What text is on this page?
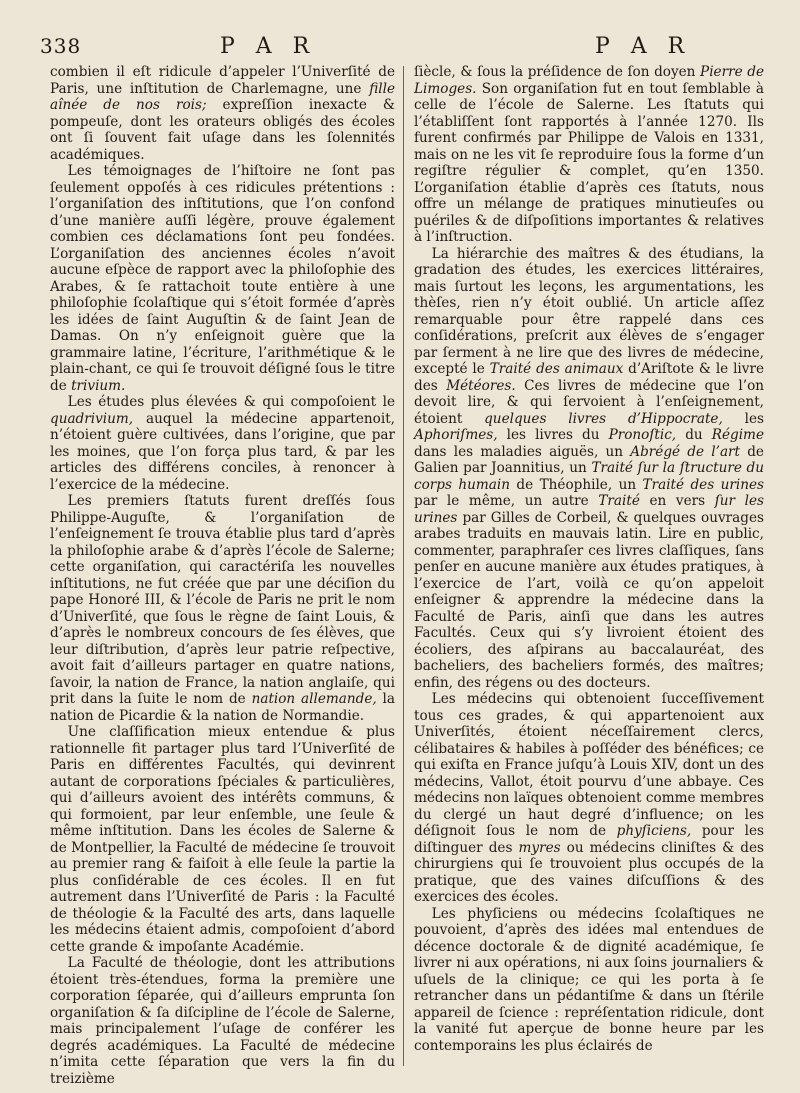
338	P A R	P A R

combien il eſt ridicule d’appeler l’Univerſité de Paris, une inſtitution de Charlemagne, une fille aînée de nos rois; expreſſion inexacte & pompeuſe, dont les orateurs obligés des écoles ont ſi ſouvent fait uſage dans les ſolennités académiques.

Les témoignages de l’hiſtoire ne ſont pas ſeulement oppoſés à ces ridicules prétentions : l’organiſation des inſtitutions, que l’on confond d’une manière auſſi légère, prouve également combien ces déclamations ſont peu fondées. L’organiſation des anciennes écoles n’avoit aucune eſpèce de rapport avec la philoſophie des Arabes, & ſe rattachoit toute entière à une philoſophie ſcolaſtique qui s’étoit formée d’après les idées de ſaint Auguſtin & de ſaint Jean de Damas. On n’y enſeignoit guère que la grammaire latine, l’écriture, l’arithmétique & le plain-chant, ce qui ſe trouvoit déſigné ſous le titre de trivium.

Les études plus élevées & qui compoſoient le quadrivium, auquel la médecine appartenoit, n’étoient guère cultivées, dans l’origine, que par les moines, que l’on força plus tard, & par les articles des différens conciles, à renoncer à l’exercice de la médecine.

Les premiers ſtatuts furent dreſſés ſous Philippe-Auguſte, & l’organiſation de l’enſeignement ſe trouva établie plus tard d’après la philoſophie arabe & d’après l’école de Salerne; cette organiſation, qui caractériſa les nouvelles inſtitutions, ne fut créée que par une déciſion du pape Honoré III, & l’école de Paris ne prit le nom d’Univerſité, que ſous le règne de ſaint Louis, & d’après le nombreux concours de ſes élèves, que leur diſtribution, d’après leur patrie reſpective, avoit fait d’ailleurs partager en quatre nations, ſavoir, la nation de France, la nation anglaiſe, qui prit dans la ſuite le nom de nation allemande, la nation de Picardie & la nation de Normandie.

Une claſſification mieux entendue & plus rationnelle fit partager plus tard l’Univerſité de Paris en différentes Facultés, qui devinrent autant de corporations ſpéciales & particulières, qui d’ailleurs avoient des intérêts communs, & qui formoient, par leur enſemble, une ſeule & même inſtitution. Dans les écoles de Salerne & de Montpellier, la Faculté de médecine ſe trouvoit au premier rang & faiſoit à elle ſeule la partie la plus conſidérable de ces écoles. Il en fut autrement dans l’Univerſité de Paris : la Faculté de théologie & la Faculté des arts, dans laquelle les médecins étaient admis, compoſoient d’abord cette grande & impoſante Académie.

La Faculté de théologie, dont les attributions étoient très-étendues, forma la première une corporation ſéparée, qui d’ailleurs emprunta ſon organiſation & ſa diſcipline de l’école de Salerne, mais principalement l’uſage de conférer les degrés académiques. La Faculté de médecine n’imita cette ſéparation que vers la fin du treizième

ſiècle, & ſous la préſidence de ſon doyen Pierre de Limoges. Son organiſation fut en tout ſemblable à celle de l’école de Salerne. Les ſtatuts qui l’établiſſent ſont rapportés à l’année 1270. Ils furent confirmés par Philippe de Valois en 1331, mais on ne les vit ſe reproduire ſous la forme d’un regiſtre régulier & complet, qu’en 1350. L’organiſation établie d’après ces ſtatuts, nous offre un mélange de pratiques minutieuſes ou puériles & de diſpoſitions importantes & relatives à l’inſtruction.

La hiérarchie des maîtres & des étudians, la gradation des études, les exercices littéraires, mais ſurtout les leçons, les argumentations, les thèſes, rien n’y étoit oublié. Un article aſſez remarquable pour être rappelé dans ces conſidérations, preſcrit aux élèves de s’engager par ſerment à ne lire que des livres de médecine, excepté le Traité des animaux d’Ariſtote & le livre des Météores. Ces livres de médecine que l’on devoit lire, & qui ſervoient à l’enſeignement, étoient quelques livres d’Hippocrate, les Aphoriſmes, les livres du Pronoſtic, du Régime dans les maladies aiguës, un Abrégé de l’art de Galien par Joannitius, un Traité ſur la ſtructure du corps humain de Théophile, un Traité des urines par le même, un autre Traité en vers ſur les urines par Gilles de Corbeil, & quelques ouvrages arabes traduits en mauvais latin. Lire en public, commenter, paraphraſer ces livres claſſiques, ſans penſer en aucune manière aux études pratiques, à l’exercice de l’art, voilà ce qu’on appeloit enſeigner & apprendre la médecine dans la Faculté de Paris, ainſi que dans les autres Facultés. Ceux qui s’y livroient étoient des écoliers, des aſpirans au baccalauréat, des bacheliers, des bacheliers formés, des maîtres; enfin, des régens ou des docteurs.

Les médecins qui obtenoient ſucceſſivement tous ces grades, & qui appartenoient aux Univerſités, étoient néceſſairement clercs, célibataires & habiles à poſſéder des bénéfices; ce qui exiſta en France juſqu’à Louis XIV, dont un des médecins, Vallot, étoit pourvu d’une abbaye. Ces médecins non laïques obtenoient comme membres du clergé un haut degré d’influence; on les déſignoit ſous le nom de phyſiciens, pour les diſtinguer des myres ou médecins cliniſtes & des chirurgiens qui ſe trouvoient plus occupés de la pratique, que des vaines diſcuſſions & des exercices des écoles.

Les phyſiciens ou médecins ſcolaſtiques ne pouvoient, d’après des idées mal entendues de décence doctorale & de dignité académique, ſe livrer ni aux opérations, ni aux ſoins journaliers & uſuels de la clinique; ce qui les porta à ſe retrancher dans un pédantiſme & dans un ſtérile appareil de ſcience : repréſentation ridicule, dont la vanité fut aperçue de bonne heure par les contemporains les plus éclairés de
